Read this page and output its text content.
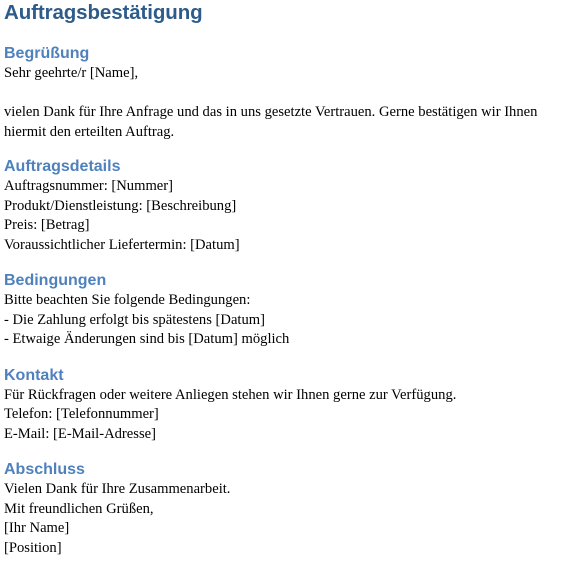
Auftragsbestätigung
Begrüßung

Sehr geehrte/r [Name],

vielen Dank für Ihre Anfrage und das in uns gesetzte Vertrauen. Gerne bestätigen wir Ihnen

hiermit den erteilten Auftrag.

Auftragsdetails

Auftragsnummer: [Nummer]

Produkt/Dienstleistung: [Beschreibung]

Preis: [Betrag]

Voraussichtlicher Liefertermin: [Datum]

Bedingungen

Bitte beachten Sie folgende Bedingungen:

- Die Zahlung erfolgt bis spätestens [Datum]

- Etwaige Änderungen sind bis [Datum] möglich

Kontakt

Für Rückfragen oder weitere Anliegen stehen wir Ihnen gerne zur Verfügung.

Telefon: [Telefonnummer]

E-Mail: [E-Mail-Adresse]

Abschluss

Vielen Dank für Ihre Zusammenarbeit.

Mit freundlichen Grüßen,

[Ihr Name]

[Position]
